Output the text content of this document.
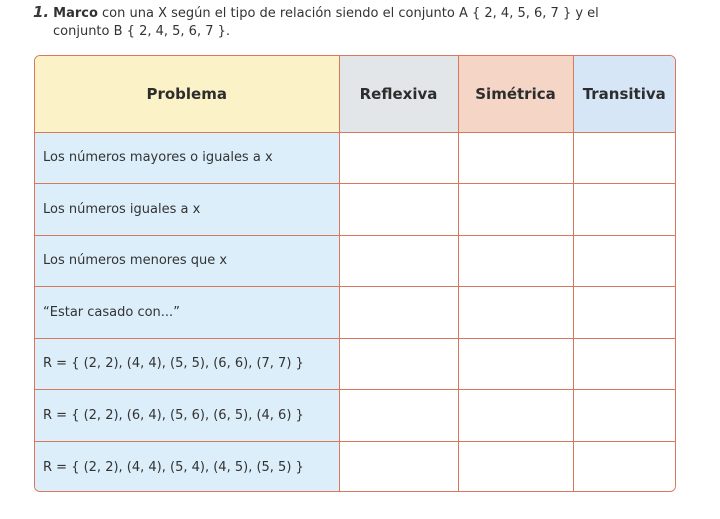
1. Marco con una X según el tipo de relación siendo el conjunto A { 2, 4, 5, 6, 7 } y el
conjunto B { 2, 4, 5, 6, 7 }.
Problema	Reflexiva	Simétrica	Transitiva
Los números mayores o iguales a x			
Los números iguales a x			
Los números menores que x			
“Estar casado con...”			
R = { (2, 2), (4, 4), (5, 5), (6, 6), (7, 7) }			
R = { (2, 2), (6, 4), (5, 6), (6, 5), (4, 6) }			
R = { (2, 2), (4, 4), (5, 4), (4, 5), (5, 5) }			
